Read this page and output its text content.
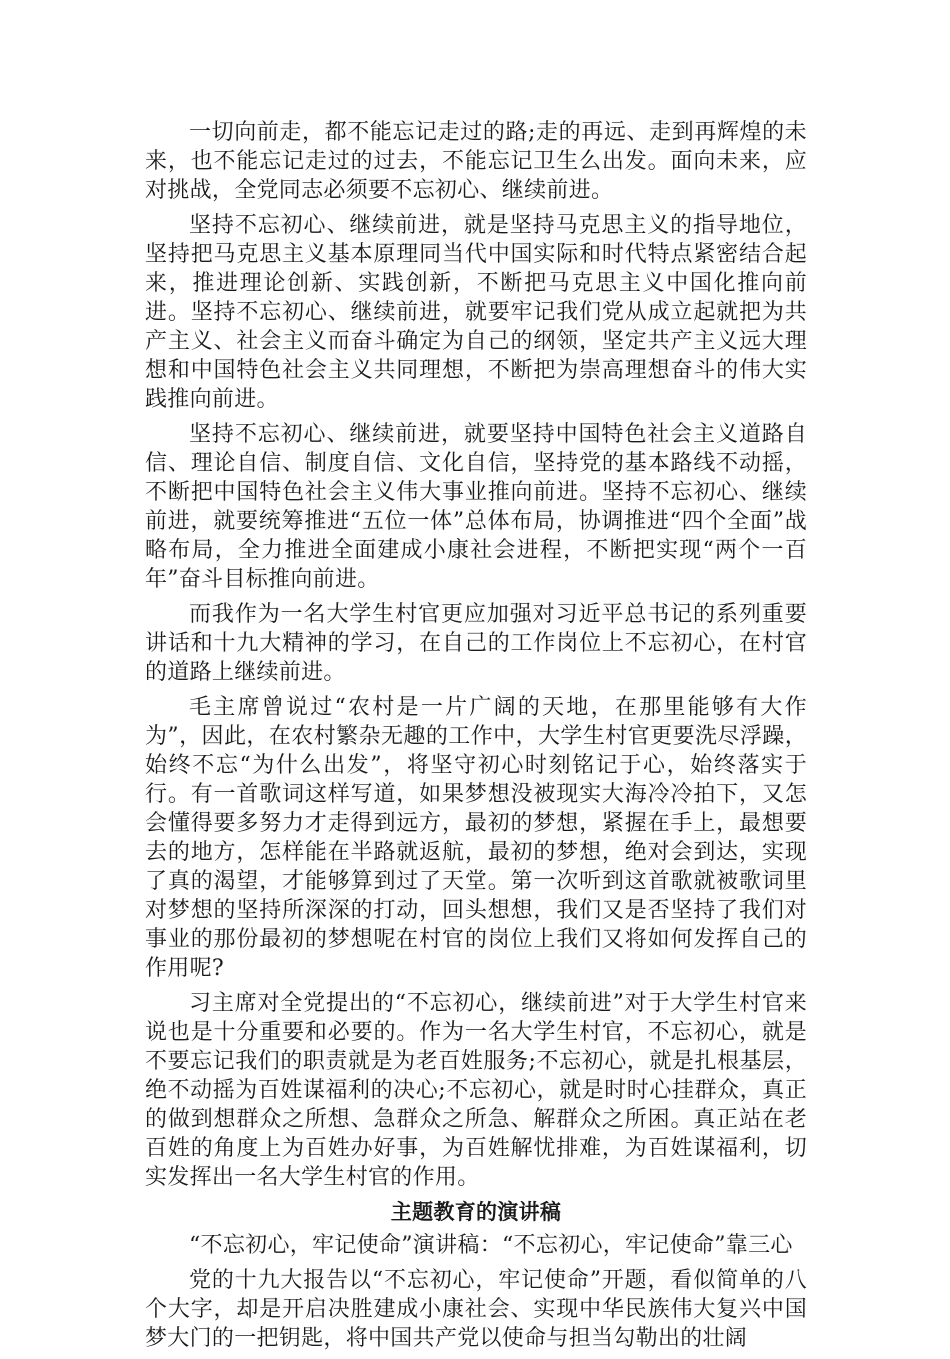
一切向前走，都不能忘记走过的路;走的再远、走到再辉煌的未来，也不能忘记走过的过去，不能忘记卫生么出发。面向未来，应对挑战，全党同志必须要不忘初心、继续前进。

坚持不忘初心、继续前进，就是坚持马克思主义的指导地位，坚持把马克思主义基本原理同当代中国实际和时代特点紧密结合起来，推进理论创新、实践创新，不断把马克思主义中国化推向前进。坚持不忘初心、继续前进，就要牢记我们党从成立起就把为共产主义、社会主义而奋斗确定为自己的纲领，坚定共产主义远大理想和中国特色社会主义共同理想，不断把为崇高理想奋斗的伟大实践推向前进。

坚持不忘初心、继续前进，就要坚持中国特色社会主义道路自信、理论自信、制度自信、文化自信，坚持党的基本路线不动摇，不断把中国特色社会主义伟大事业推向前进。坚持不忘初心、继续前进，就要统筹推进“五位一体”总体布局，协调推进“四个全面”战略布局，全力推进全面建成小康社会进程，不断把实现“两个一百年”奋斗目标推向前进。

而我作为一名大学生村官更应加强对习近平总书记的系列重要讲话和十九大精神的学习，在自己的工作岗位上不忘初心，在村官的道路上继续前进。

毛主席曾说过“农村是一片广阔的天地，在那里能够有大作为”，因此，在农村繁杂无趣的工作中，大学生村官更要洗尽浮躁，始终不忘“为什么出发”，将坚守初心时刻铭记于心，始终落实于行。有一首歌词这样写道，如果梦想没被现实大海冷冷拍下，又怎会懂得要多努力才走得到远方，最初的梦想，紧握在手上，最想要去的地方，怎样能在半路就返航，最初的梦想，绝对会到达，实现了真的渴望，才能够算到过了天堂。第一次听到这首歌就被歌词里对梦想的坚持所深深的打动，回头想想，我们又是否坚持了我们对事业的那份最初的梦想呢在村官的岗位上我们又将如何发挥自己的作用呢?

习主席对全党提出的“不忘初心，继续前进”对于大学生村官来说也是十分重要和必要的。作为一名大学生村官，不忘初心，就是不要忘记我们的职责就是为老百姓服务;不忘初心，就是扎根基层，绝不动摇为百姓谋福利的决心;不忘初心，就是时时心挂群众，真正的做到想群众之所想、急群众之所急、解群众之所困。真正站在老百姓的角度上为百姓办好事，为百姓解忧排难，为百姓谋福利，切实发挥出一名大学生村官的作用。

主题教育的演讲稿

“不忘初心，牢记使命”演讲稿：“不忘初心，牢记使命”靠三心

党的十九大报告以“不忘初心，牢记使命”开题，看似简单的八个大字，却是开启决胜建成小康社会、实现中华民族伟大复兴中国梦大门的一把钥匙，将中国共产党以使命与担当勾勒出的壮阔
